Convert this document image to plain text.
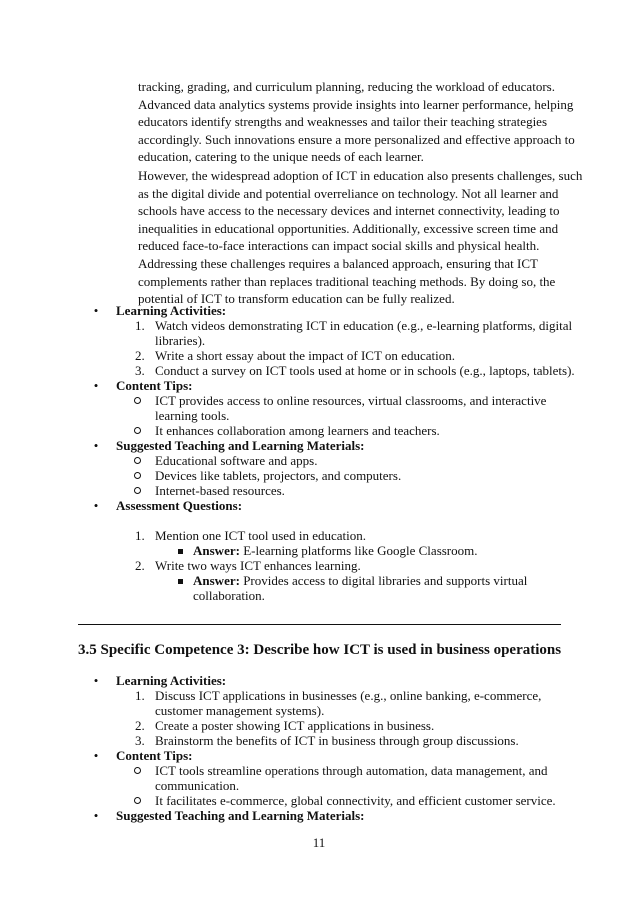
tracking, grading, and curriculum planning, reducing the workload of educators. Advanced data analytics systems provide insights into learner performance, helping educators identify strengths and weaknesses and tailor their teaching strategies accordingly. Such innovations ensure a more personalized and effective approach to education, catering to the unique needs of each learner.

However, the widespread adoption of ICT in education also presents challenges, such as the digital divide and potential overreliance on technology. Not all learner and schools have access to the necessary devices and internet connectivity, leading to inequalities in educational opportunities. Additionally, excessive screen time and reduced face-to-face interactions can impact social skills and physical health. Addressing these challenges requires a balanced approach, ensuring that ICT complements rather than replaces traditional teaching methods. By doing so, the potential of ICT to transform education can be fully realized.

• Learning Activities:
1. Watch videos demonstrating ICT in education (e.g., e-learning platforms, digital libraries).
2. Write a short essay about the impact of ICT on education.
3. Conduct a survey on ICT tools used at home or in schools (e.g., laptops, tablets).
• Content Tips:
ICT provides access to online resources, virtual classrooms, and interactive learning tools.
It enhances collaboration among learners and teachers.
• Suggested Teaching and Learning Materials:
Educational software and apps.
Devices like tablets, projectors, and computers.
Internet-based resources.
• Assessment Questions:
1. Mention one ICT tool used in education.
Answer: E-learning platforms like Google Classroom.
2. Write two ways ICT enhances learning.
Answer: Provides access to digital libraries and supports virtual collaboration.
3.5 Specific Competence 3: Describe how ICT is used in business operations
• Learning Activities:
1. Discuss ICT applications in businesses (e.g., online banking, e-commerce, customer management systems).
2. Create a poster showing ICT applications in business.
3. Brainstorm the benefits of ICT in business through group discussions.
• Content Tips:
ICT tools streamline operations through automation, data management, and communication.
It facilitates e-commerce, global connectivity, and efficient customer service.
• Suggested Teaching and Learning Materials:
11
